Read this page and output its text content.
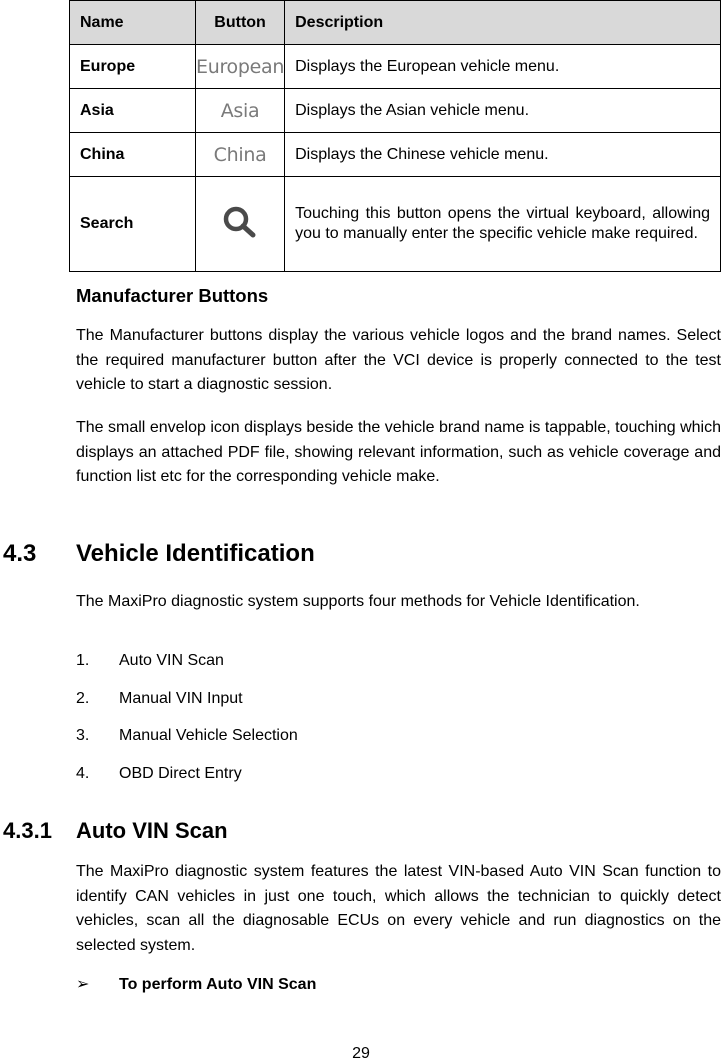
Name	Button	Description
Europe	European	Displays the European vehicle menu.
Asia	Asia	Displays the Asian vehicle menu.
China	China	Displays the Chinese vehicle menu.
Search		Touching this button opens the virtual keyboard, allowing you to manually enter the specific vehicle make required.
Manufacturer Buttons
The Manufacturer buttons display the various vehicle logos and the brand names. Select the required manufacturer button after the VCI device is properly connected to the test vehicle to start a diagnostic session.
The small envelop icon displays beside the vehicle brand name is tappable, touching which displays an attached PDF file, showing relevant information, such as vehicle coverage and function list etc for the corresponding vehicle make.
4.3 Vehicle Identification
The MaxiPro diagnostic system supports four methods for Vehicle Identification.
1. Auto VIN Scan
2. Manual VIN Input
3. Manual Vehicle Selection
4. OBD Direct Entry
4.3.1 Auto VIN Scan
The MaxiPro diagnostic system features the latest VIN-based Auto VIN Scan function to identify CAN vehicles in just one touch, which allows the technician to quickly detect vehicles, scan all the diagnosable ECUs on every vehicle and run diagnostics on the selected system.
➢ To perform Auto VIN Scan
29
